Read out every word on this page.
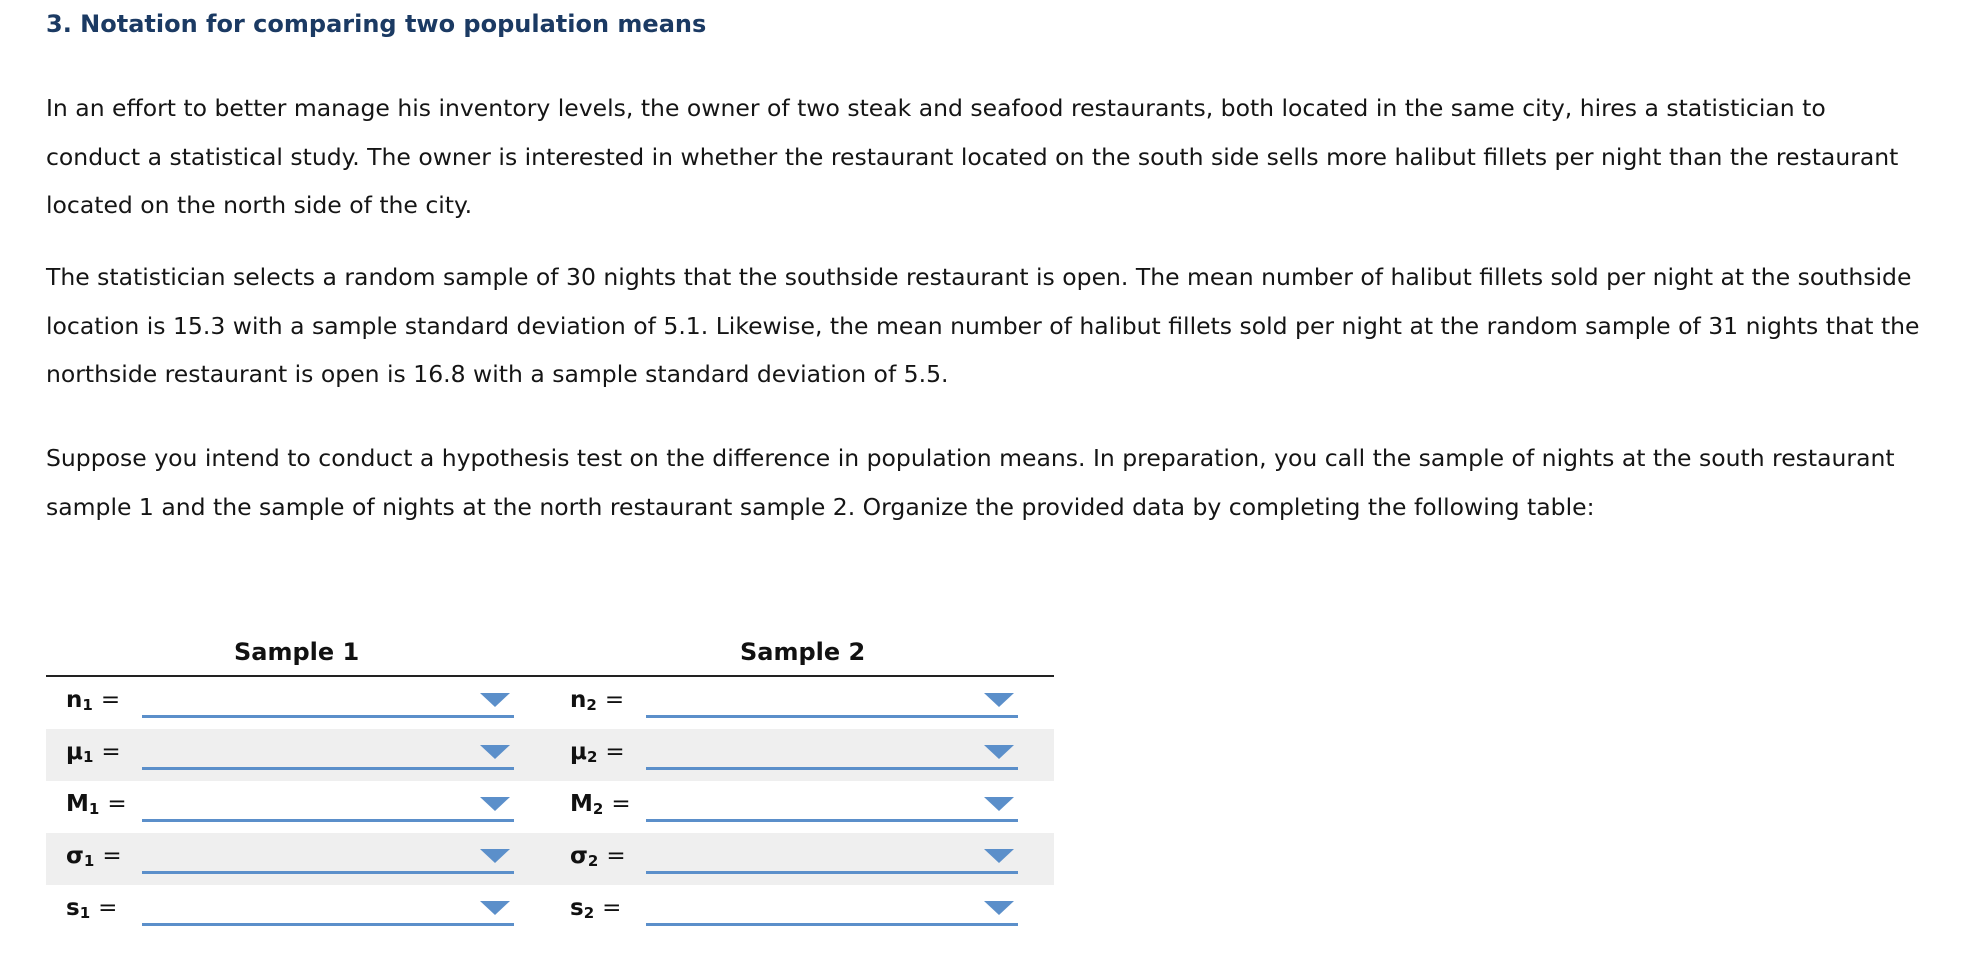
3. Notation for comparing two population means

In an effort to better manage his inventory levels, the owner of two steak and seafood restaurants, both located in the same city, hires a statistician to conduct a statistical study. The owner is interested in whether the restaurant located on the south side sells more halibut fillets per night than the restaurant located on the north side of the city.

The statistician selects a random sample of 30 nights that the southside restaurant is open. The mean number of halibut fillets sold per night at the southside location is 15.3 with a sample standard deviation of 5.1. Likewise, the mean number of halibut fillets sold per night at the random sample of 31 nights that the northside restaurant is open is 16.8 with a sample standard deviation of 5.5.

Suppose you intend to conduct a hypothesis test on the difference in population means. In preparation, you call the sample of nights at the south restaurant sample 1 and the sample of nights at the north restaurant sample 2. Organize the provided data by completing the following table:

Sample 1	Sample 2
$n_1$ =	$n_2$ =
$\mu_1$ =	$\mu_2$ =
$M_1$ =	$M_2$ =
$\sigma_1$ =	$\sigma_2$ =
$s_1$ =	$s_2$ =
